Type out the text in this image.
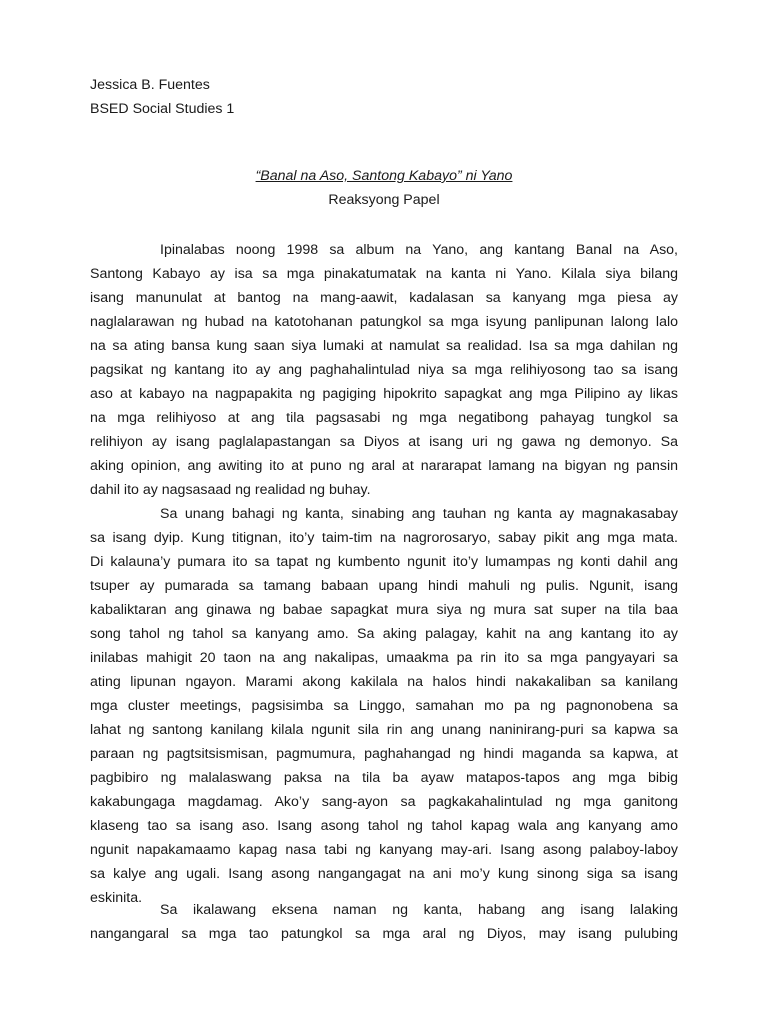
Jessica B. Fuentes

BSED Social Studies 1

“Banal na Aso, Santong Kabayo” ni Yano

Reaksyong Papel

Ipinalabas noong 1998 sa album na Yano, ang kantang Banal na Aso,
Santong Kabayo ay isa sa mga pinakatumatak na kanta ni Yano. Kilala siya bilang
isang manunulat at bantog na mang-aawit, kadalasan sa kanyang mga piesa ay
naglalarawan ng hubad na katotohanan patungkol sa mga isyung panlipunan lalong lalo
na sa ating bansa kung saan siya lumaki at namulat sa realidad. Isa sa mga dahilan ng
pagsikat ng kantang ito ay ang paghahalintulad niya sa mga relihiyosong tao sa isang
aso at kabayo na nagpapakita ng pagiging hipokrito sapagkat ang mga Pilipino ay likas
na mga relihiyoso at ang tila pagsasabi ng mga negatibong pahayag tungkol sa
relihiyon ay isang paglalapastangan sa Diyos at isang uri ng gawa ng demonyo. Sa
aking opinion, ang awiting ito at puno ng aral at nararapat lamang na bigyan ng pansin
dahil ito ay nagsasaad ng realidad ng buhay.
Sa unang bahagi ng kanta, sinabing ang tauhan ng kanta ay magnakasabay
sa isang dyip. Kung titignan, ito’y taim-tim na nagrorosaryo, sabay pikit ang mga mata.
Di kalauna’y pumara ito sa tapat ng kumbento ngunit ito’y lumampas ng konti dahil ang
tsuper ay pumarada sa tamang babaan upang hindi mahuli ng pulis. Ngunit, isang
kabaliktaran ang ginawa ng babae sapagkat mura siya ng mura sat super na tila baa
song tahol ng tahol sa kanyang amo. Sa aking palagay, kahit na ang kantang ito ay
inilabas mahigit 20 taon na ang nakalipas, umaakma pa rin ito sa mga pangyayari sa
ating lipunan ngayon. Marami akong kakilala na halos hindi nakakaliban sa kanilang
mga cluster meetings, pagsisimba sa Linggo, samahan mo pa ng pagnonobena sa
lahat ng santong kanilang kilala ngunit sila rin ang unang naninirang-puri sa kapwa sa
paraan ng pagtsitsismisan, pagmumura, paghahangad ng hindi maganda sa kapwa, at
pagbibiro ng malalaswang paksa na tila ba ayaw matapos-tapos ang mga bibig
kakabungaga magdamag. Ako’y sang-ayon sa pagkakahalintulad ng mga ganitong
klaseng tao sa isang aso. Isang asong tahol ng tahol kapag wala ang kanyang amo
ngunit napakamaamo kapag nasa tabi ng kanyang may-ari. Isang asong palaboy-laboy
sa kalye ang ugali. Isang asong nangangagat na ani mo’y kung sinong siga sa isang
eskinita.
Sa ikalawang eksena naman ng kanta, habang ang isang lalaking
nangangaral sa mga tao patungkol sa mga aral ng Diyos, may isang pulubing
